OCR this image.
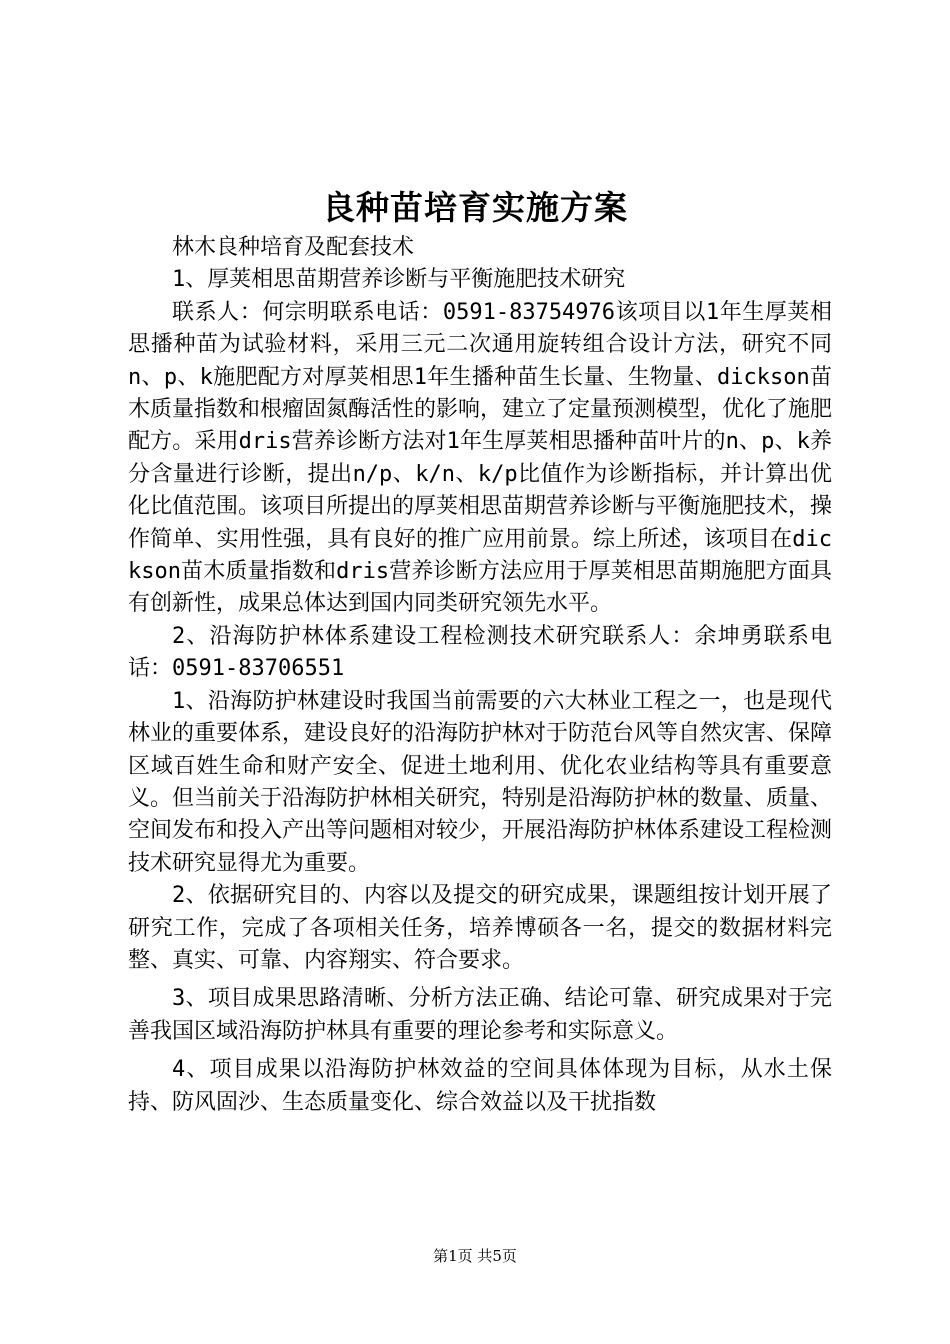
良种苗培育实施方案

林木良种培育及配套技术

1、厚荚相思苗期营养诊断与平衡施肥技术研究

联系人：何宗明联系电话：0591-83754976该项目以1年生厚荚相思播种苗为试验材料，采用三元二次通用旋转组合设计方法，研究不同n、p、k施肥配方对厚荚相思1年生播种苗生长量、生物量、dickson苗木质量指数和根瘤固氮酶活性的影响，建立了定量预测模型，优化了施肥配方。采用dris营养诊断方法对1年生厚荚相思播种苗叶片的n、p、k养分含量进行诊断，提出n/p、k/n、k/p比值作为诊断指标，并计算出优化比值范围。该项目所提出的厚荚相思苗期营养诊断与平衡施肥技术，操作简单、实用性强，具有良好的推广应用前景。综上所述，该项目在dickson苗木质量指数和dris营养诊断方法应用于厚荚相思苗期施肥方面具有创新性，成果总体达到国内同类研究领先水平。

2、沿海防护林体系建设工程检测技术研究联系人：余坤勇联系电话：0591-83706551

1、沿海防护林建设时我国当前需要的六大林业工程之一，也是现代林业的重要体系，建设良好的沿海防护林对于防范台风等自然灾害、保障区域百姓生命和财产安全、促进土地利用、优化农业结构等具有重要意义。但当前关于沿海防护林相关研究，特别是沿海防护林的数量、质量、空间发布和投入产出等问题相对较少，开展沿海防护林体系建设工程检测技术研究显得尤为重要。

2、依据研究目的、内容以及提交的研究成果，课题组按计划开展了研究工作，完成了各项相关任务，培养博硕各一名，提交的数据材料完整、真实、可靠、内容翔实、符合要求。

3、项目成果思路清晰、分析方法正确、结论可靠、研究成果对于完善我国区域沿海防护林具有重要的理论参考和实际意义。

4、项目成果以沿海防护林效益的空间具体体现为目标，从水土保持、防风固沙、生态质量变化、综合效益以及干扰指数

第1页 共5页
